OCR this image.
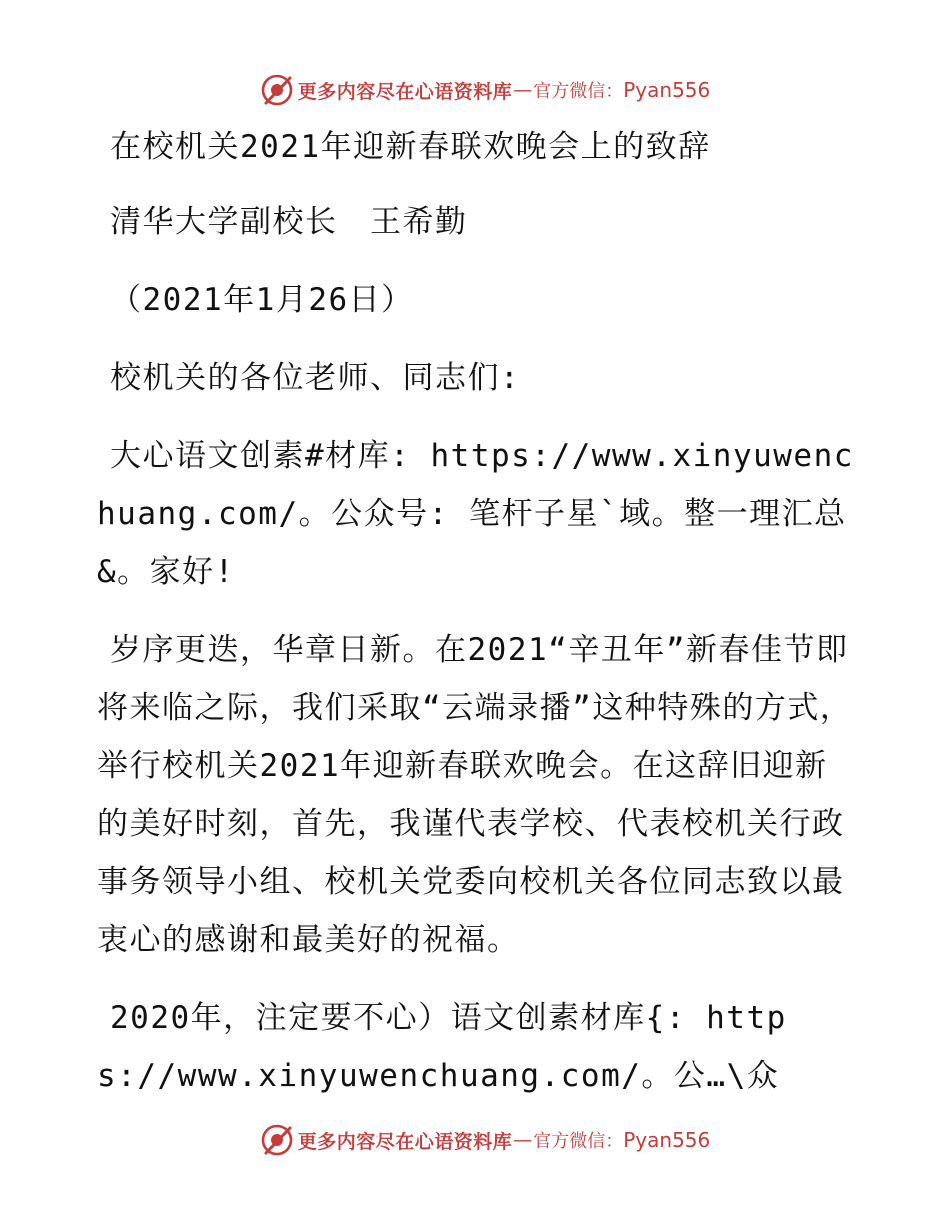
更多内容尽在心语资料库 — 官方微信： Pyan556

在校机关2021年迎新春联欢晚会上的致辞

清华大学副校长　王希勤

（2021年1月26日）

校机关的各位老师、同志们:

大心语文创素#材库: https://www.xinyuwenchuang.com/。公众号: 笔杆子星`域。整一理汇总&。家好!

岁序更迭，华章日新。在2021“辛丑年”新春佳节即将来临之际，我们采取“云端录播”这种特殊的方式，举行校机关2021年迎新春联欢晚会。在这辞旧迎新的美好时刻，首先，我谨代表学校、代表校机关行政事务领导小组、校机关党委向校机关各位同志致以最衷心的感谢和最美好的祝福。

2020年，注定要不心）语文创素材库{: https://www.xinyuwenchuang.com/。公…\众

更多内容尽在心语资料库 — 官方微信： Pyan556
